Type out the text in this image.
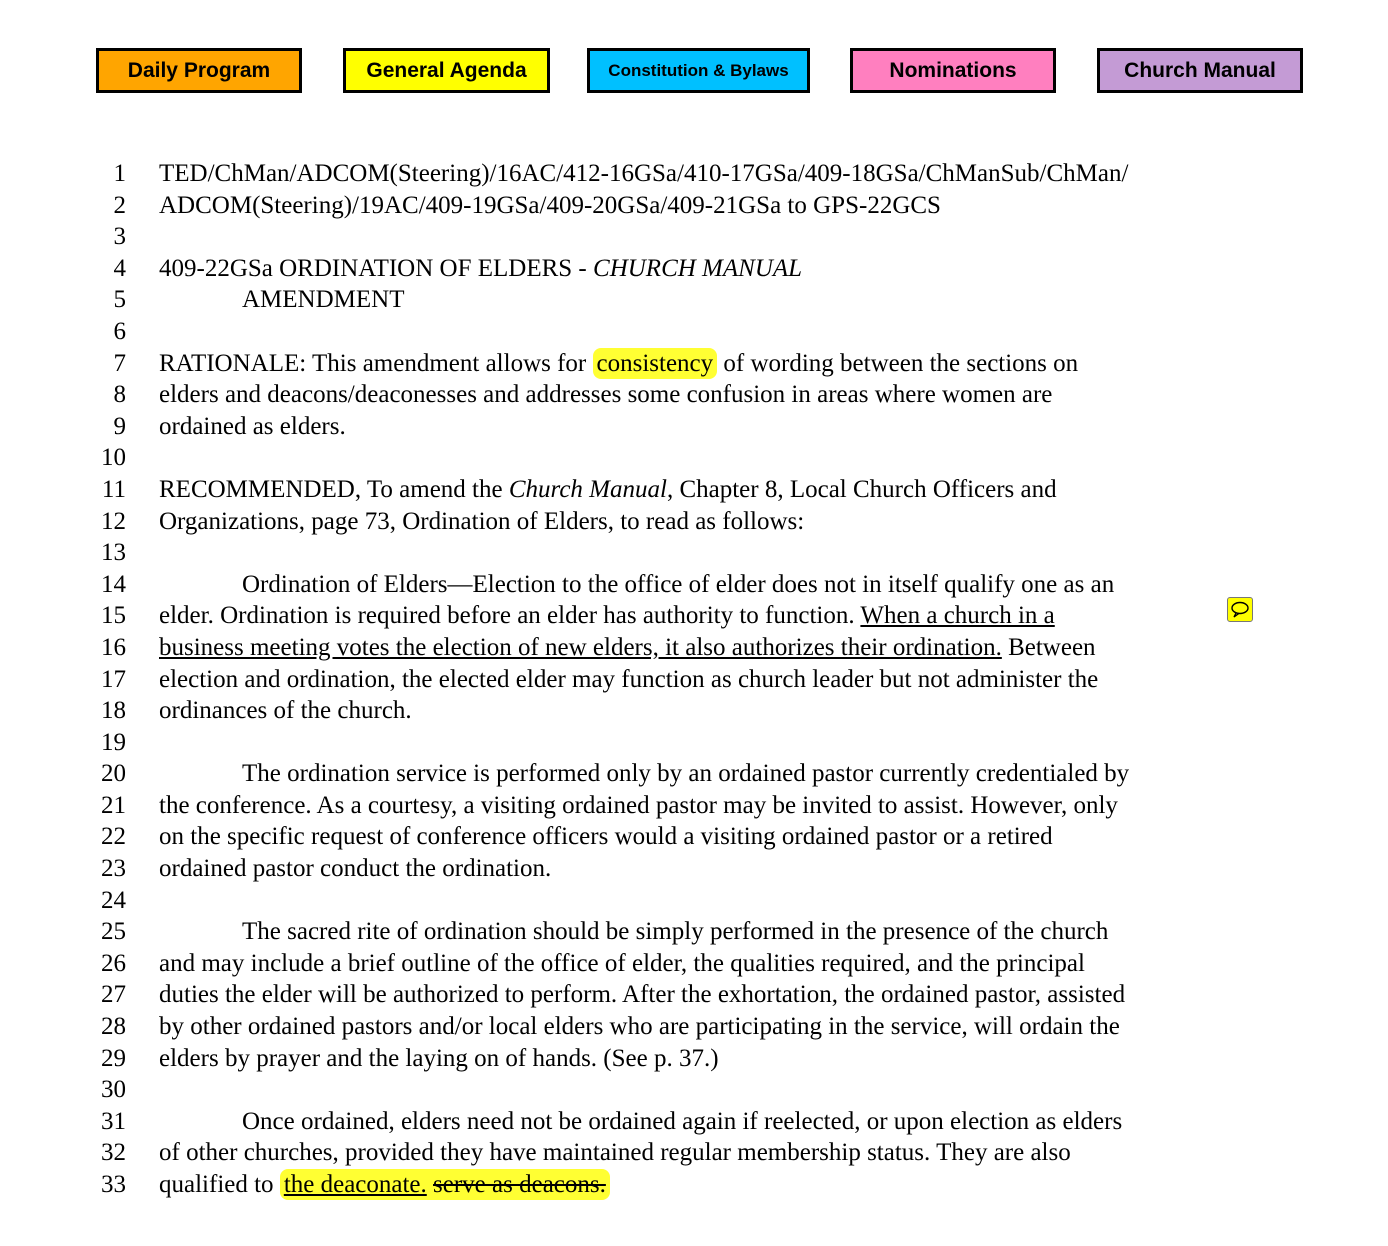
Daily Program	General Agenda	Constitution & Bylaws	Nominations	Church Manual
1 TED/ChMan/ADCOM(Steering)/16AC/412-16GSa/410-17GSa/409-18GSa/ChManSub/ChMan/
2 ADCOM(Steering)/19AC/409-19GSa/409-20GSa/409-21GSa to GPS-22GCS
3
4 409-22GSa ORDINATION OF ELDERS - CHURCH MANUAL
5	AMENDMENT
6
7 RATIONALE: This amendment allows for consistency of wording between the sections on
8 elders and deacons/deaconesses and addresses some confusion in areas where women are
9 ordained as elders.
10
11 RECOMMENDED, To amend the Church Manual, Chapter 8, Local Church Officers and
12 Organizations, page 73, Ordination of Elders, to read as follows:
13
14	Ordination of Elders—Election to the office of elder does not in itself qualify one as an
15 elder. Ordination is required before an elder has authority to function. When a church in a
16 business meeting votes the election of new elders, it also authorizes their ordination. Between
17 election and ordination, the elected elder may function as church leader but not administer the
18 ordinances of the church.
19
20	The ordination service is performed only by an ordained pastor currently credentialed by
21 the conference. As a courtesy, a visiting ordained pastor may be invited to assist. However, only
22 on the specific request of conference officers would a visiting ordained pastor or a retired
23 ordained pastor conduct the ordination.
24
25	The sacred rite of ordination should be simply performed in the presence of the church
26 and may include a brief outline of the office of elder, the qualities required, and the principal
27 duties the elder will be authorized to perform. After the exhortation, the ordained pastor, assisted
28 by other ordained pastors and/or local elders who are participating in the service, will ordain the
29 elders by prayer and the laying on of hands. (See p. 37.)
30
31	Once ordained, elders need not be ordained again if reelected, or upon election as elders
32 of other churches, provided they have maintained regular membership status. They are also
33 qualified to the deaconate. serve as deacons.
